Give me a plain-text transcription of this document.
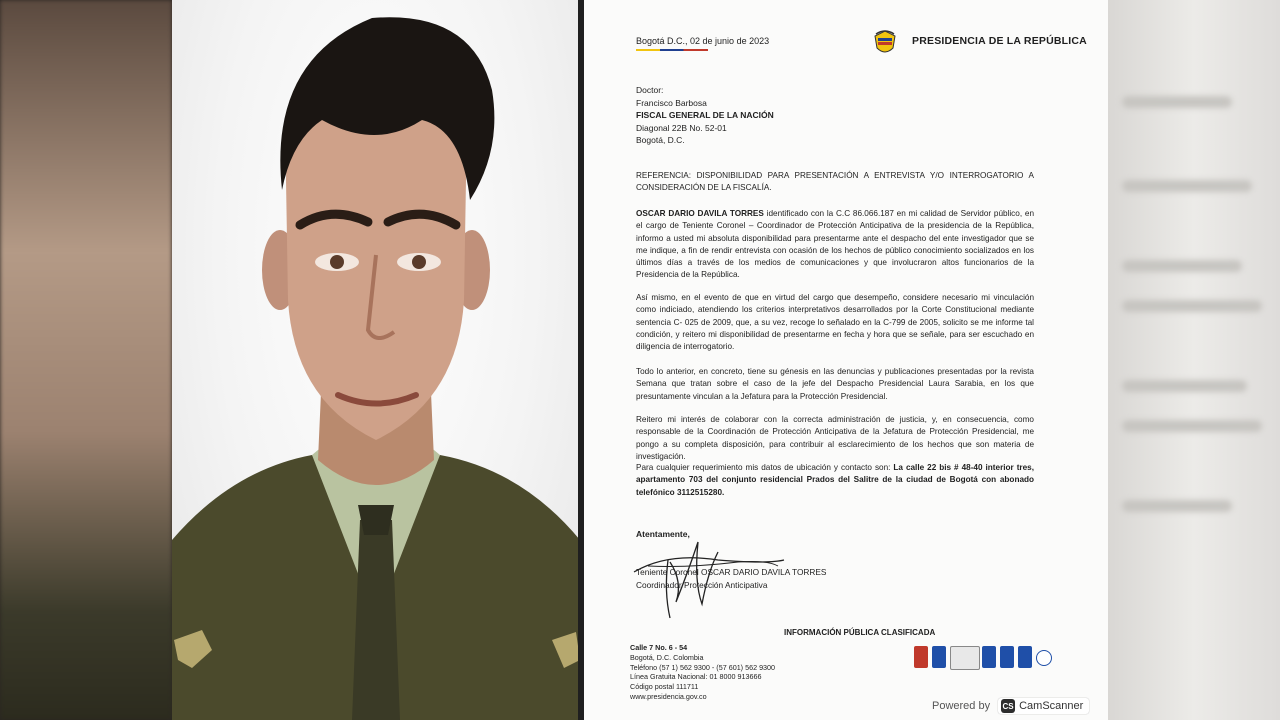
Bogotá D.C., 02 de junio de 2023	PRESIDENCIA DE LA REPÚBLICA
Doctor:
Francisco Barbosa
FISCAL GENERAL DE LA NACIÓN
Diagonal 22B No. 52-01
Bogotá, D.C.
REFERENCIA: DISPONIBILIDAD PARA PRESENTACIÓN A ENTREVISTA Y/O INTERROGATORIO A CONSIDERACIÓN DE LA FISCALÍA.
OSCAR DARIO DAVILA TORRES identificado con la C.C 86.066.187 en mi calidad de Servidor público, en el cargo de Teniente Coronel – Coordinador de Protección Anticipativa de la presidencia de la República, informo a usted mi absoluta disponibilidad para presentarme ante el despacho del ente investigador que se me indique, a fin de rendir entrevista con ocasión de los hechos de público conocimiento socializados en los últimos días a través de los medios de comunicaciones y que involucraron altos funcionarios de la Presidencia de la República.
Así mismo, en el evento de que en virtud del cargo que desempeño, considere necesario mi vinculación como indiciado, atendiendo los criterios interpretativos desarrollados por la Corte Constitucional mediante sentencia C- 025 de 2009, que, a su vez, recoge lo señalado en la C-799 de 2005, solicito se me informe tal condición, y reitero mi disponibilidad de presentarme en fecha y hora que se señale, para ser escuchado en diligencia de interrogatorio.
Todo lo anterior, en concreto, tiene su génesis en las denuncias y publicaciones presentadas por la revista Semana que tratan sobre el caso de la jefe del Despacho Presidencial Laura Sarabia, en los que presuntamente vinculan a la Jefatura para la Protección Presidencial.
Reitero mi interés de colaborar con la correcta administración de justicia, y, en consecuencia, como responsable de la Coordinación de Protección Anticipativa de la Jefatura de Protección Presidencial, me pongo a su completa disposición, para contribuir al esclarecimiento de los hechos que son materia de investigación.
Para cualquier requerimiento mis datos de ubicación y contacto son: La calle 22 bis # 48-40 interior tres, apartamento 703 del conjunto residencial Prados del Salitre de la ciudad de Bogotá con abonado telefónico 3112515280.
Atentamente,
Teniente Coronel OSCAR DARIO DAVILA TORRES
Coordinador Protección Anticipativa
INFORMACIÓN PÚBLICA CLASIFICADA
Calle 7 No. 6 - 54
Bogotá, D.C. Colombia
Teléfono (57 1) 562 9300 - (57 601) 562 9300
Línea Gratuita Nacional: 01 8000 913666
Código postal 111711
www.presidencia.gov.co
Powered by CS CamScanner
